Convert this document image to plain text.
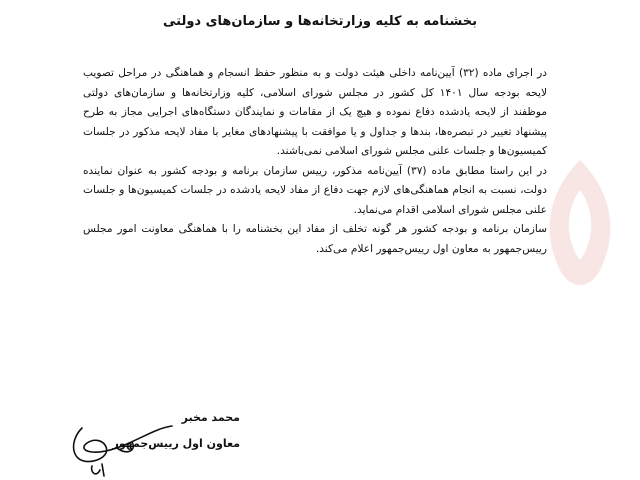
بخشنامه به کلیه وزارتخانه‌ها و سازمان‌های دولتی

در اجرای ماده (۳۲) آیین‌نامه داخلی هیئت دولت و به منظور حفظ انسجام و هماهنگی در مراحل تصویب لایحه بودجه سال ۱۴۰۱ کل کشور در مجلس شورای اسلامی، کلیه وزارتخانه‌ها و سازمان‌های دولتی موظفند از لایحه یادشده دفاع نموده و هیچ یک از مقامات و نمایندگان دستگاه‌های اجرایی مجاز به طرح پیشنهاد تغییر در تبصره‌ها، بندها و جداول و یا موافقت با پیشنهادهای مغایر با مفاد لایحه مذکور در جلسات کمیسیون‌ها و جلسات علنی مجلس شورای اسلامی نمی‌باشند.

در این راستا مطابق ماده (۳۷) آیین‌نامه مذکور، رییس سازمان برنامه و بودجه کشور به عنوان نماینده دولت، نسبت به انجام هماهنگی‌های لازم جهت دفاع از مفاد لایحه یادشده در جلسات کمیسیون‌ها و جلسات علنی مجلس شورای اسلامی اقدام می‌نماید.

سازمان برنامه و بودجه کشور هر گونه تخلف از مفاد این بخشنامه را با هماهنگی معاونت امور مجلس رییس‌جمهور به معاون اول رییس‌جمهور اعلام می‌کند.

محمد مخبر
معاون اول رییس‌جمهور
